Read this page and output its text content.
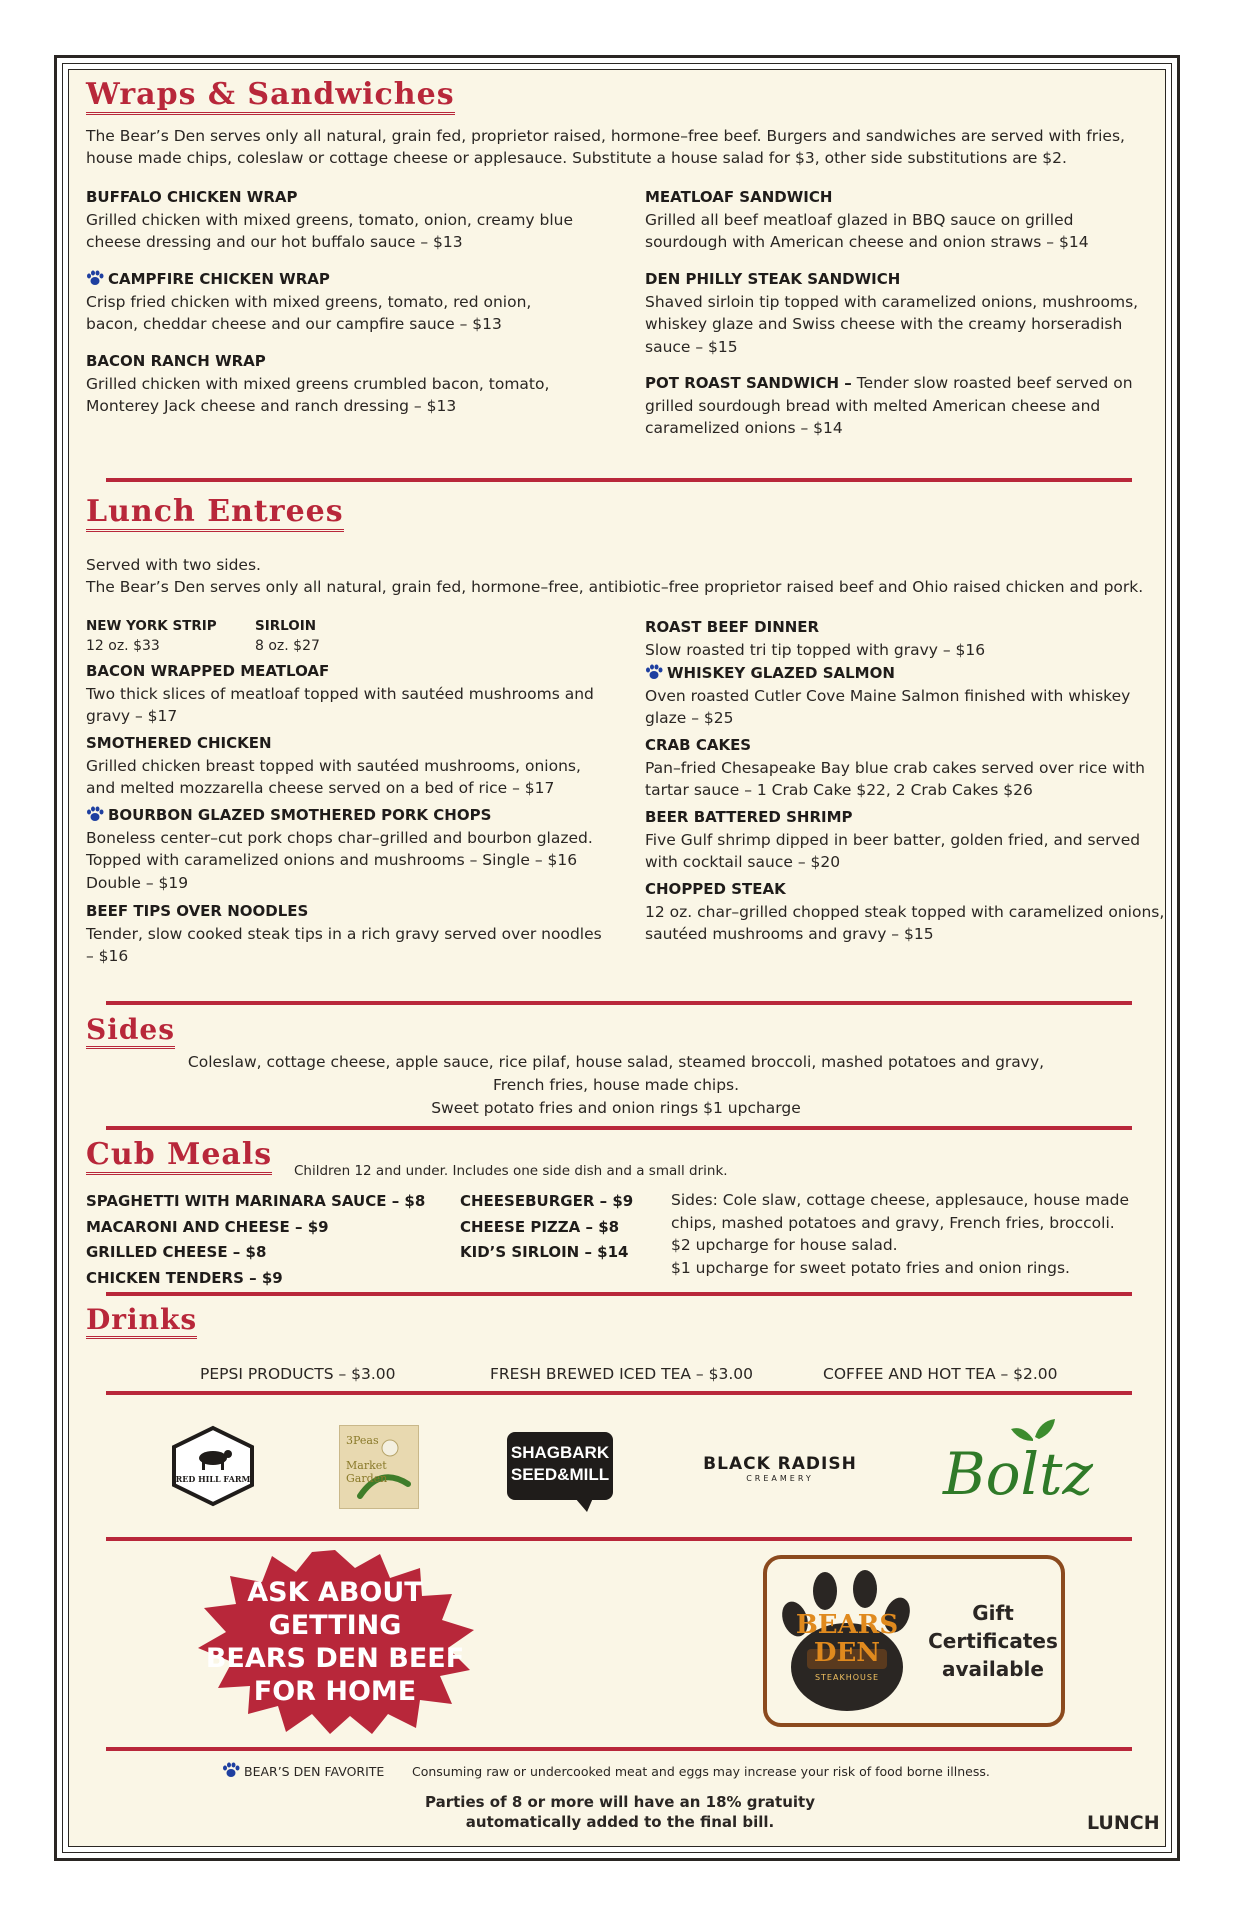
Wraps & Sandwiches
The Bear’s Den serves only all natural, grain fed, proprietor raised, hormone–free beef. Burgers and sandwiches are served with fries, house made chips, coleslaw or cottage cheese or applesauce. Substitute a house salad for $3, other side substitutions are $2.
BUFFALO CHICKEN WRAP
Grilled chicken with mixed greens, tomato, onion, creamy blue cheese dressing and our hot buffalo sauce – $13
CAMPFIRE CHICKEN WRAP
Crisp fried chicken with mixed greens, tomato, red onion, bacon, cheddar cheese and our campfire sauce – $13
BACON RANCH WRAP
Grilled chicken with mixed greens crumbled bacon, tomato, Monterey Jack cheese and ranch dressing – $13
MEATLOAF SANDWICH
Grilled all beef meatloaf glazed in BBQ sauce on grilled sourdough with American cheese and onion straws – $14
DEN PHILLY STEAK SANDWICH
Shaved sirloin tip topped with caramelized onions, mushrooms, whiskey glaze and Swiss cheese with the creamy horseradish sauce – $15
POT ROAST SANDWICH – Tender slow roasted beef served on grilled sourdough bread with melted American cheese and caramelized onions – $14
Lunch Entrees
Served with two sides.
The Bear’s Den serves only all natural, grain fed, hormone–free, antibiotic–free proprietor raised beef and Ohio raised chicken and pork.
NEW YORK STRIP
12 oz. $33
SIRLOIN
8 oz. $27
BACON WRAPPED MEATLOAF
Two thick slices of meatloaf topped with sautéed mushrooms and gravy – $17
SMOTHERED CHICKEN
Grilled chicken breast topped with sautéed mushrooms, onions, and melted mozzarella cheese served on a bed of rice – $17
BOURBON GLAZED SMOTHERED PORK CHOPS
Boneless center–cut pork chops char–grilled and bourbon glazed. Topped with caramelized onions and mushrooms – Single – $16 Double – $19
BEEF TIPS OVER NOODLES
Tender, slow cooked steak tips in a rich gravy served over noodles – $16
ROAST BEEF DINNER
Slow roasted tri tip topped with gravy – $16
WHISKEY GLAZED SALMON
Oven roasted Cutler Cove Maine Salmon finished with whiskey glaze – $25
CRAB CAKES
Pan–fried Chesapeake Bay blue crab cakes served over rice with tartar sauce – 1 Crab Cake $22, 2 Crab Cakes $26
BEER BATTERED SHRIMP
Five Gulf shrimp dipped in beer batter, golden fried, and served with cocktail sauce – $20
CHOPPED STEAK
12 oz. char–grilled chopped steak topped with caramelized onions, sautéed mushrooms and gravy – $15
Sides
Coleslaw, cottage cheese, apple sauce, rice pilaf, house salad, steamed broccoli, mashed potatoes and gravy,
French fries, house made chips.
Sweet potato fries and onion rings $1 upcharge
Cub Meals Children 12 and under. Includes one side dish and a small drink.
SPAGHETTI WITH MARINARA SAUCE – $8
MACARONI AND CHEESE – $9
GRILLED CHEESE – $8
CHICKEN TENDERS – $9
CHEESEBURGER – $9
CHEESE PIZZA – $8
KID’S SIRLOIN – $14
Sides: Cole slaw, cottage cheese, applesauce, house made
chips, mashed potatoes and gravy, French fries, broccoli.
$2 upcharge for house salad.
$1 upcharge for sweet potato fries and onion rings.
Drinks
PEPSI PRODUCTS – $3.00	FRESH BREWED ICED TEA – $3.00	COFFEE AND HOT TEA – $2.00
RED HILL FARM
3Peas
Market
Garden
SHAGBARK
SEED&MILL
BLACK RADISH
CREAMERY Boltz
ASK ABOUT
GETTING
BEARS DEN BEEF
FOR HOME
BEARS
DEN
STEAKHOUSE
Gift
Certificates
available
BEAR’S DEN FAVORITE Consuming raw or undercooked meat and eggs may increase your risk of food borne illness.
Parties of 8 or more will have an 18% gratuity
automatically added to the final bill.	LUNCH
